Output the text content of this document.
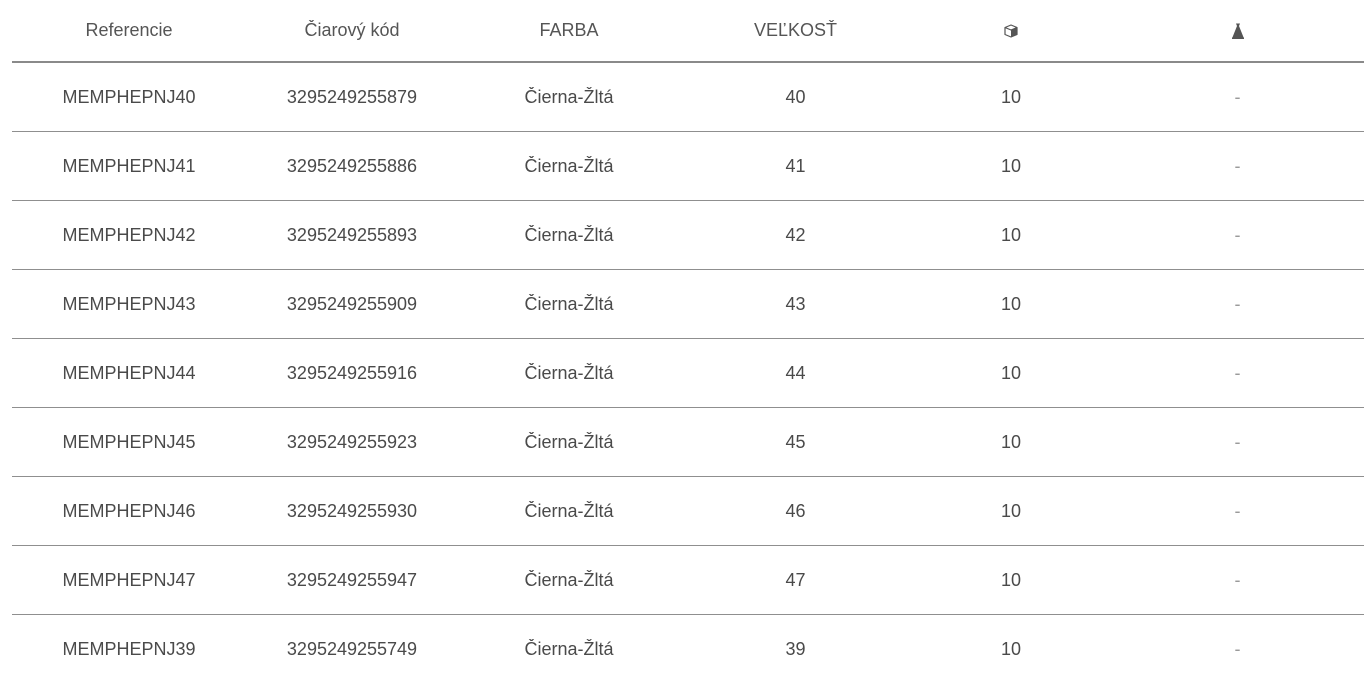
Referencie	Čiarový kód	FARBA	VEĽKOSŤ
MEMPHEPNJ40	3295249255879	Čierna-Žltá	40	10	-
MEMPHEPNJ41	3295249255886	Čierna-Žltá	41	10	-
MEMPHEPNJ42	3295249255893	Čierna-Žltá	42	10	-
MEMPHEPNJ43	3295249255909	Čierna-Žltá	43	10	-
MEMPHEPNJ44	3295249255916	Čierna-Žltá	44	10	-
MEMPHEPNJ45	3295249255923	Čierna-Žltá	45	10	-
MEMPHEPNJ46	3295249255930	Čierna-Žltá	46	10	-
MEMPHEPNJ47	3295249255947	Čierna-Žltá	47	10	-
MEMPHEPNJ39	3295249255749	Čierna-Žltá	39	10	-
